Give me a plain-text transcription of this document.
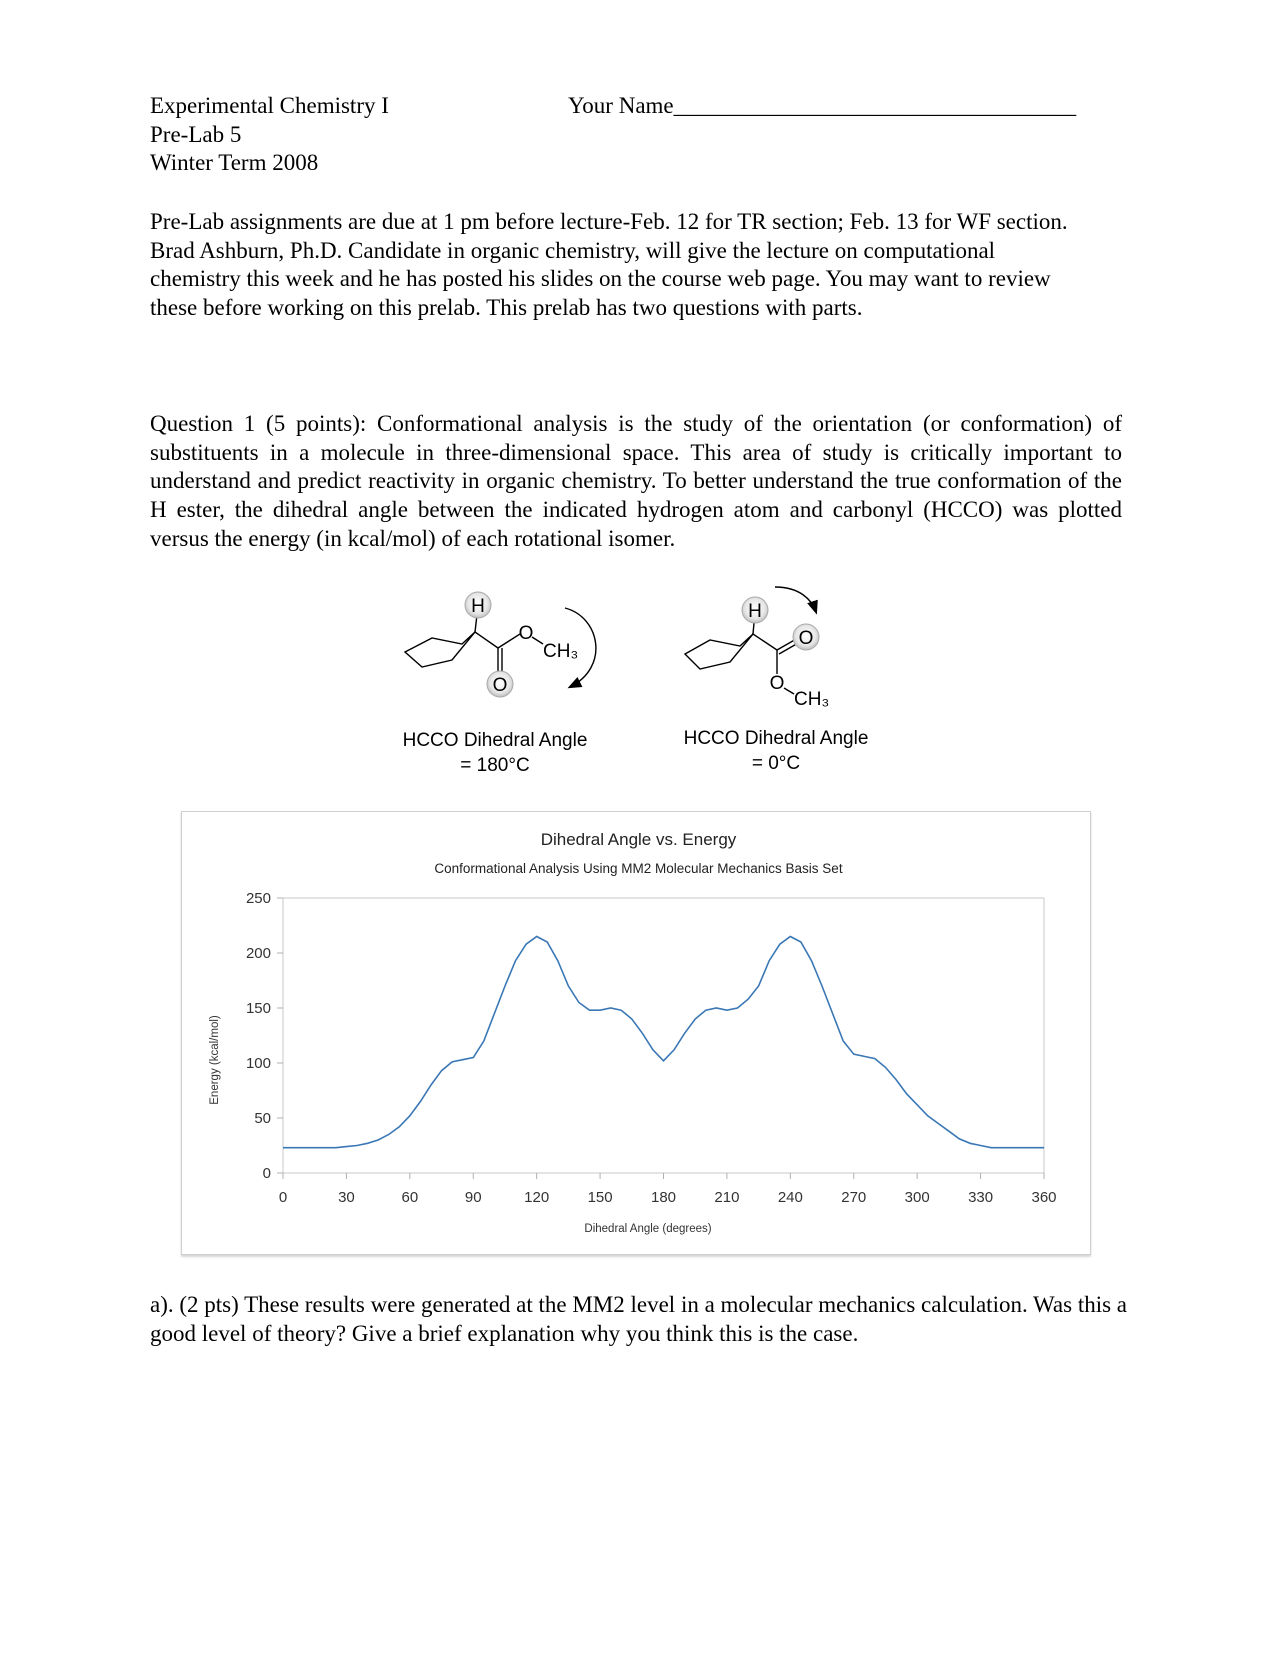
Experimental Chemistry I
Pre-Lab 5
Winter Term 2008
Your Name___________________________________
Pre-Lab assignments are due at 1 pm before lecture-Feb. 12 for TR section; Feb. 13 for WF section. Brad Ashburn, Ph.D. Candidate in organic chemistry, will give the lecture on computational chemistry this week and he has posted his slides on the course web page. You may want to review these before working on this prelab. This prelab has two questions with parts.
Question 1 (5 points): Conformational analysis is the study of the orientation (or conformation) of substituents in a molecule in three-dimensional space. This area of study is critically important to understand and predict reactivity in organic chemistry. To better understand the true conformation of the H ester, the dihedral angle between the indicated hydrogen atom and carbonyl (HCCO) was plotted versus the energy (in kcal/mol) of each rotational isomer.
H
O
O
CH₃
H
O
O
CH₃
HCCO Dihedral Angle
= 180°C
HCCO Dihedral Angle
= 0°C
Dihedral Angle vs. Energy
Conformational Analysis Using MM2 Molecular Mechanics Basis Set
0
50
100
150
200
250
0	30	60	90	120	150	180	210	240	270	300	330	360
Dihedral Angle (degrees)
Energy (kcal/mol)
a). (2 pts) These results were generated at the MM2 level in a molecular mechanics calculation. Was this a good level of theory? Give a brief explanation why you think this is the case.
